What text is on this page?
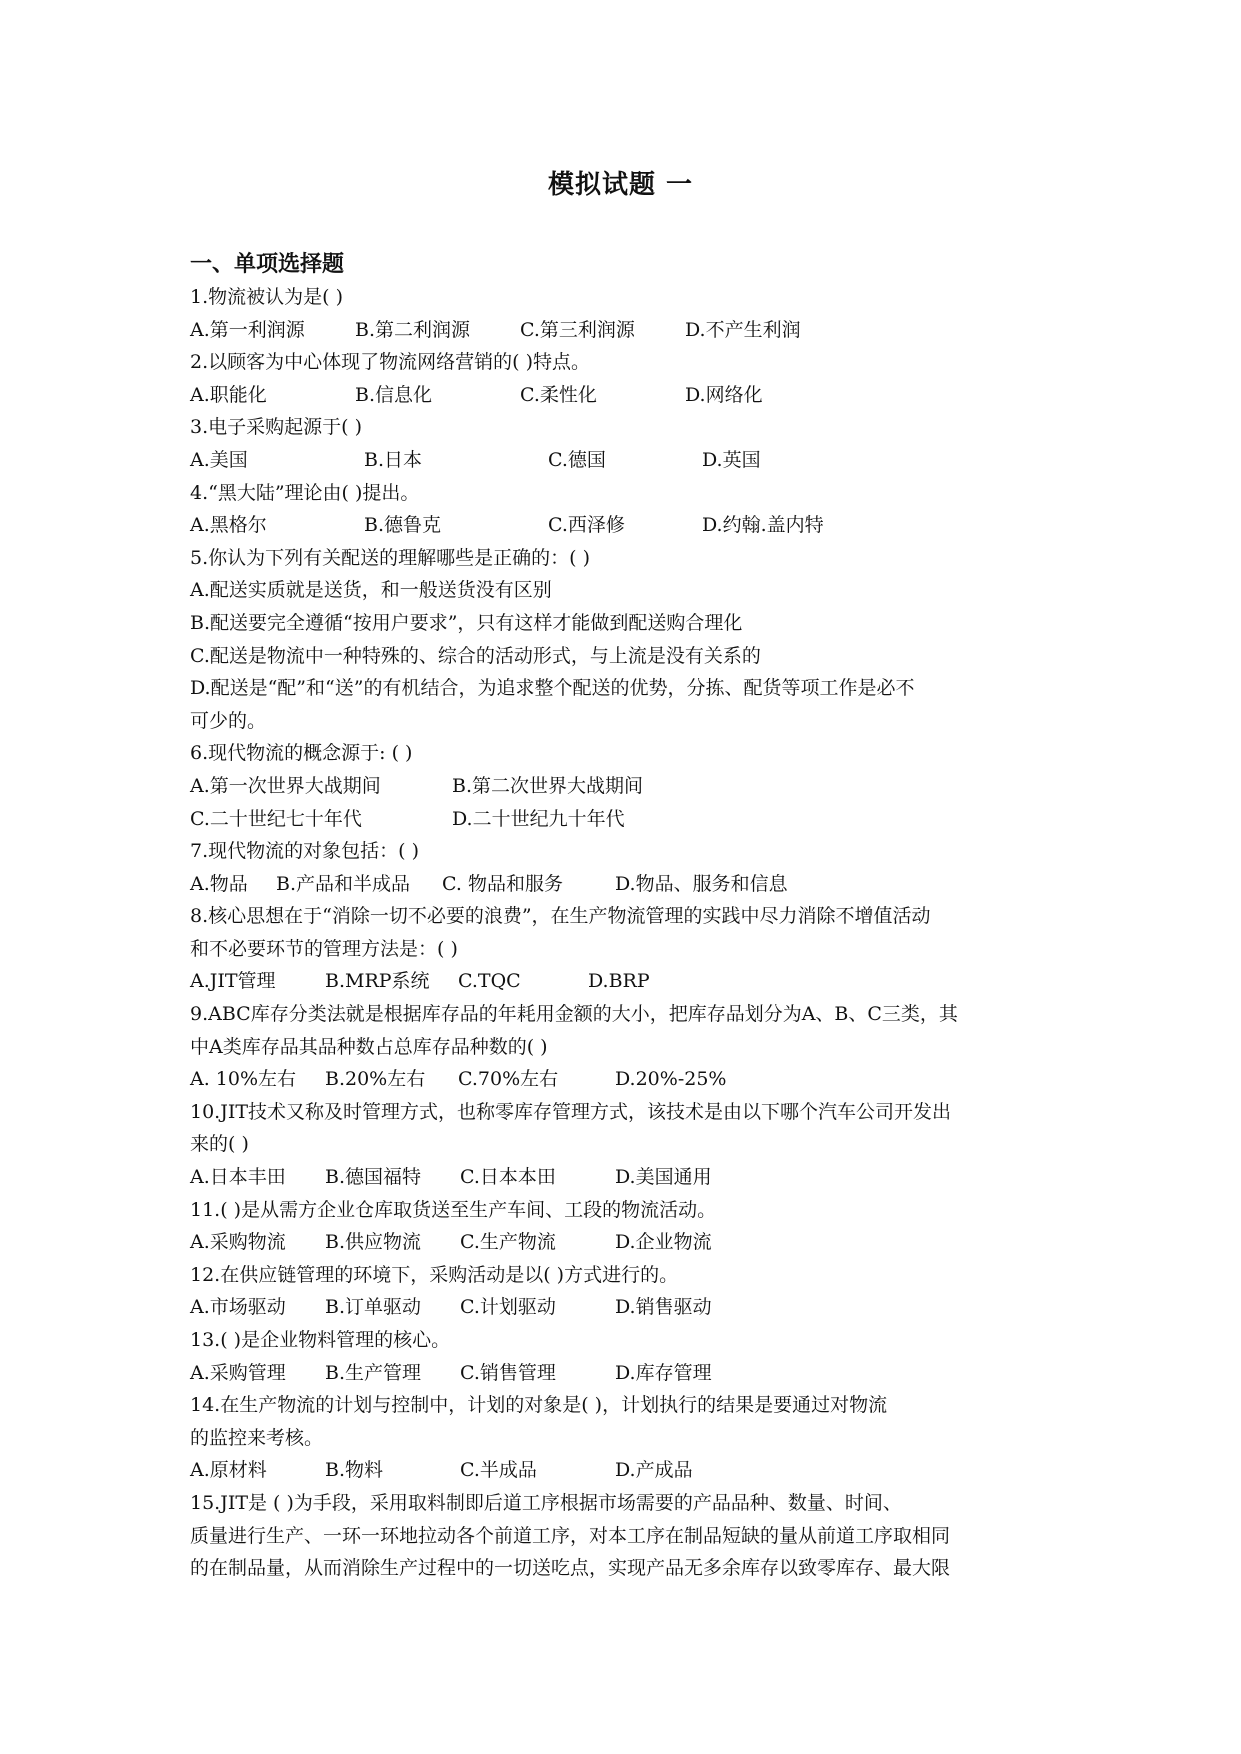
模拟试题 一
一、单项选择题
1.物流被认为是( )
A.第一利润源	B.第二利润源	C.第三利润源	D.不产生利润
2.以顾客为中心体现了物流网络营销的( )特点。
A.职能化	B.信息化	C.柔性化	D.网络化
3.电子采购起源于( )
A.美国	B.日本	C.德国	D.英国
4.“黑大陆”理论由( )提出。
A.黑格尔	B.德鲁克	C.西泽修	D.约翰.盖内特
5.你认为下列有关配送的理解哪些是正确的：( )
A.配送实质就是送货，和一般送货没有区别
B.配送要完全遵循“按用户要求”，只有这样才能做到配送购合理化
C.配送是物流中一种特殊的、综合的活动形式，与上流是没有关系的
D.配送是“配”和“送”的有机结合，为追求整个配送的优势，分拣、配货等项工作是必不
可少的。
6.现代物流的概念源于: ( )
A.第一次世界大战期间	B.第二次世界大战期间
C.二十世纪七十年代	D.二十世纪九十年代
7.现代物流的对象包括：( )
A.物品 B.产品和半成品 C. 物品和服务	D.物品、服务和信息
8.核心思想在于“消除一切不必要的浪费”，在生产物流管理的实践中尽力消除不增值活动
和不必要环节的管理方法是：( )
A.JIT管理	B.MRP系统 C.TQC	D.BRP
9.ABC库存分类法就是根据库存品的年耗用金额的大小，把库存品划分为A、B、C三类，其
中A类库存品其品种数占总库存品种数的( )
A. 10%左右 B.20%左右 C.70%左右	D.20%-25%
10.JIT技术又称及时管理方式，也称零库存管理方式，该技术是由以下哪个汽车公司开发出
来的( )
A.日本丰田 B.德国福特 C.日本本田	D.美国通用
11.( )是从需方企业仓库取货送至生产车间、工段的物流活动。
A.采购物流 B.供应物流 C.生产物流	D.企业物流
12.在供应链管理的环境下，采购活动是以( )方式进行的。
A.市场驱动 B.订单驱动 C.计划驱动	D.销售驱动
13.( )是企业物料管理的核心。
A.采购管理 B.生产管理 C.销售管理	D.库存管理
14.在生产物流的计划与控制中，计划的对象是( )，计划执行的结果是要通过对物流
的监控来考核。
A.原材料	B.物料	C.半成品	D.产成品
15.JIT是 ( )为手段，采用取料制即后道工序根据市场需要的产品品种、数量、时间、
质量进行生产、一环一环地拉动各个前道工序，对本工序在制品短缺的量从前道工序取相同
的在制品量，从而消除生产过程中的一切送吃点，实现产品无多余库存以致零库存、最大限
